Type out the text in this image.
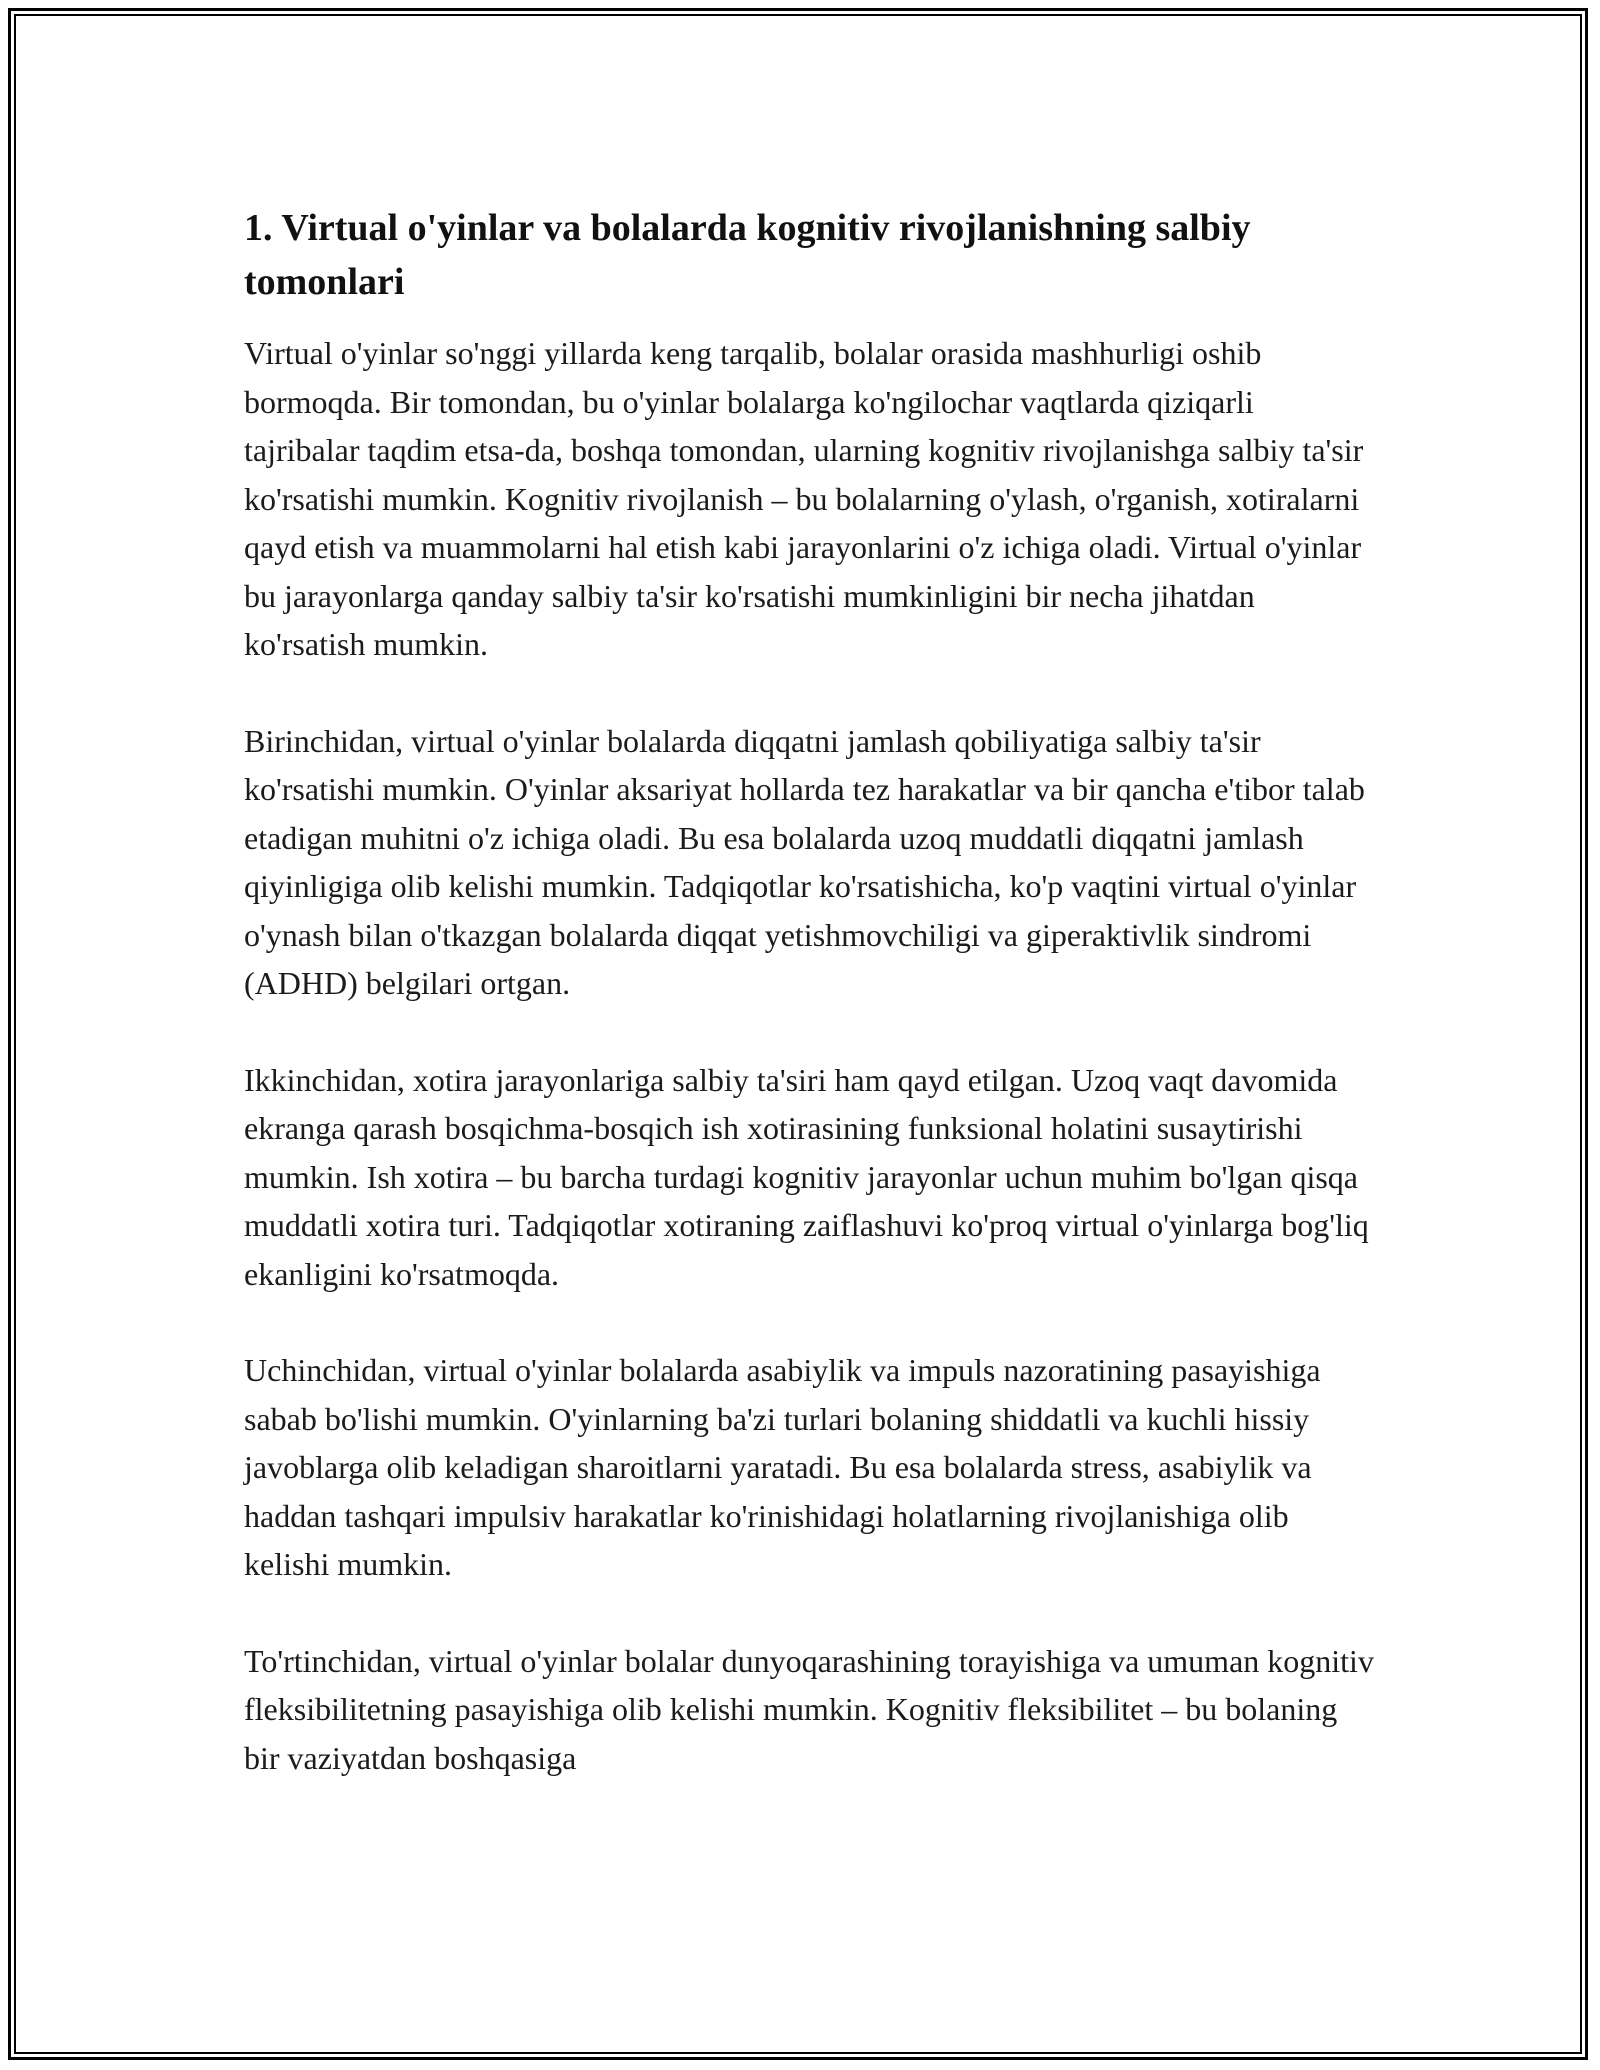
1. Virtual o'yinlar va bolalarda kognitiv rivojlanishning salbiy tomonlari

Virtual o'yinlar so'nggi yillarda keng tarqalib, bolalar orasida mashhurligi oshib bormoqda. Bir tomondan, bu o'yinlar bolalarga ko'ngilochar vaqtlarda qiziqarli tajribalar taqdim etsa-da, boshqa tomondan, ularning kognitiv rivojlanishga salbiy ta'sir ko'rsatishi mumkin. Kognitiv rivojlanish – bu bolalarning o'ylash, o'rganish, xotiralarni qayd etish va muammolarni hal etish kabi jarayonlarini o'z ichiga oladi. Virtual o'yinlar bu jarayonlarga qanday salbiy ta'sir ko'rsatishi mumkinligini bir necha jihatdan ko'rsatish mumkin.

Birinchidan, virtual o'yinlar bolalarda diqqatni jamlash qobiliyatiga salbiy ta'sir ko'rsatishi mumkin. O'yinlar aksariyat hollarda tez harakatlar va bir qancha e'tibor talab etadigan muhitni o'z ichiga oladi. Bu esa bolalarda uzoq muddatli diqqatni jamlash qiyinligiga olib kelishi mumkin. Tadqiqotlar ko'rsatishicha, ko'p vaqtini virtual o'yinlar o'ynash bilan o'tkazgan bolalarda diqqat yetishmovchiligi va giperaktivlik sindromi (ADHD) belgilari ortgan.

Ikkinchidan, xotira jarayonlariga salbiy ta'siri ham qayd etilgan. Uzoq vaqt davomida ekranga qarash bosqichma-bosqich ish xotirasining funksional holatini susaytirishi mumkin. Ish xotira – bu barcha turdagi kognitiv jarayonlar uchun muhim bo'lgan qisqa muddatli xotira turi. Tadqiqotlar xotiraning zaiflashuvi ko'proq virtual o'yinlarga bog'liq ekanligini ko'rsatmoqda.

Uchinchidan, virtual o'yinlar bolalarda asabiylik va impuls nazoratining pasayishiga sabab bo'lishi mumkin. O'yinlarning ba'zi turlari bolaning shiddatli va kuchli hissiy javoblarga olib keladigan sharoitlarni yaratadi. Bu esa bolalarda stress, asabiylik va haddan tashqari impulsiv harakatlar ko'rinishidagi holatlarning rivojlanishiga olib kelishi mumkin.

To'rtinchidan, virtual o'yinlar bolalar dunyoqarashining torayishiga va umuman kognitiv fleksibilitetning pasayishiga olib kelishi mumkin. Kognitiv fleksibilitet – bu bolaning bir vaziyatdan boshqasiga
